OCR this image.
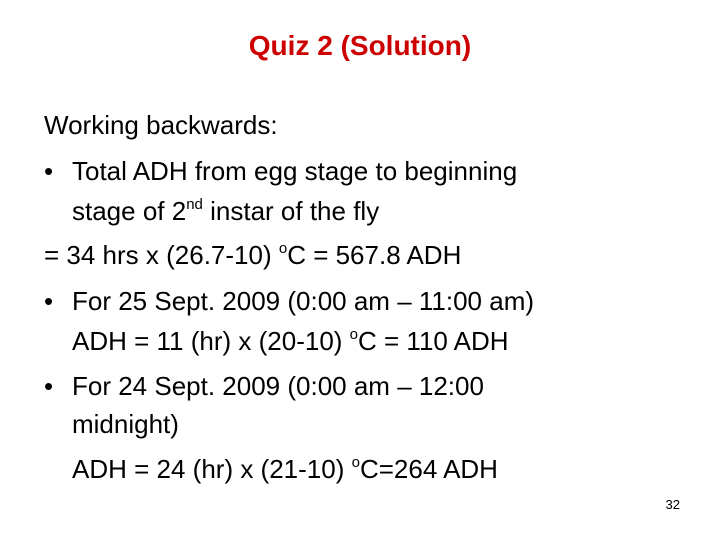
Quiz 2 (Solution)
Working backwards:
• Total ADH from egg stage to beginning
stage of 2nd instar of the fly
= 34 hrs x (26.7-10) $^o$C = 567.8 ADH
• For 25 Sept. 2009 (0:00 am – 11:00 am)
ADH = 11 (hr) x (20-10) $^o$C = 110 ADH
• For 24 Sept. 2009 (0:00 am – 12:00
midnight)
ADH = 24 (hr) x (21-10) $^o$C=264 ADH
32
